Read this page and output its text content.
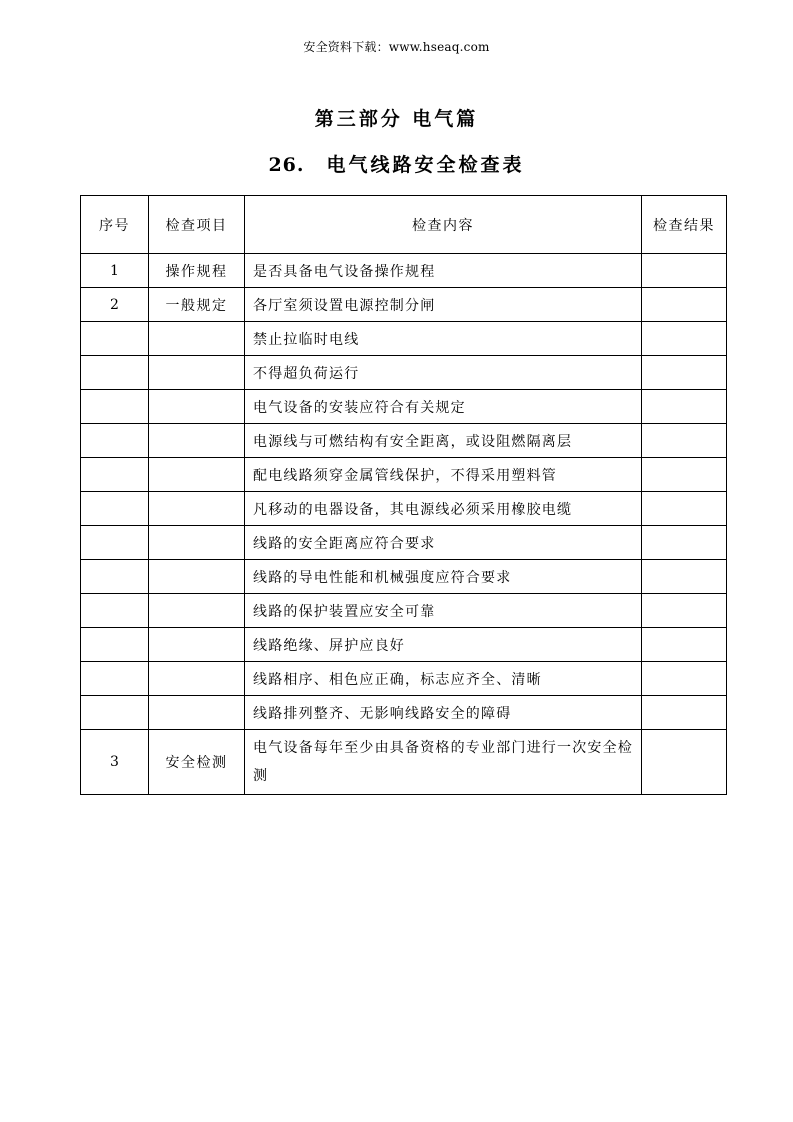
安全资料下载：www.hseaq.com
第三部分 电气篇
26. 电气线路安全检查表
序号	检查项目	检查内容	检查结果
1	操作规程	是否具备电气设备操作规程	
2	一般规定	各厅室须设置电源控制分闸	
		禁止拉临时电线	
		不得超负荷运行	
		电气设备的安装应符合有关规定	
		电源线与可燃结构有安全距离，或设阻燃隔离层	
		配电线路须穿金属管线保护，不得采用塑料管	
		凡移动的电器设备，其电源线必须采用橡胶电缆	
		线路的安全距离应符合要求	
		线路的导电性能和机械强度应符合要求	
		线路的保护装置应安全可靠	
		线路绝缘、屏护应良好	
		线路相序、相色应正确，标志应齐全、清晰	
		线路排列整齐、无影响线路安全的障碍	
3	安全检测	电气设备每年至少由具备资格的专业部门进行一次安全检测	
